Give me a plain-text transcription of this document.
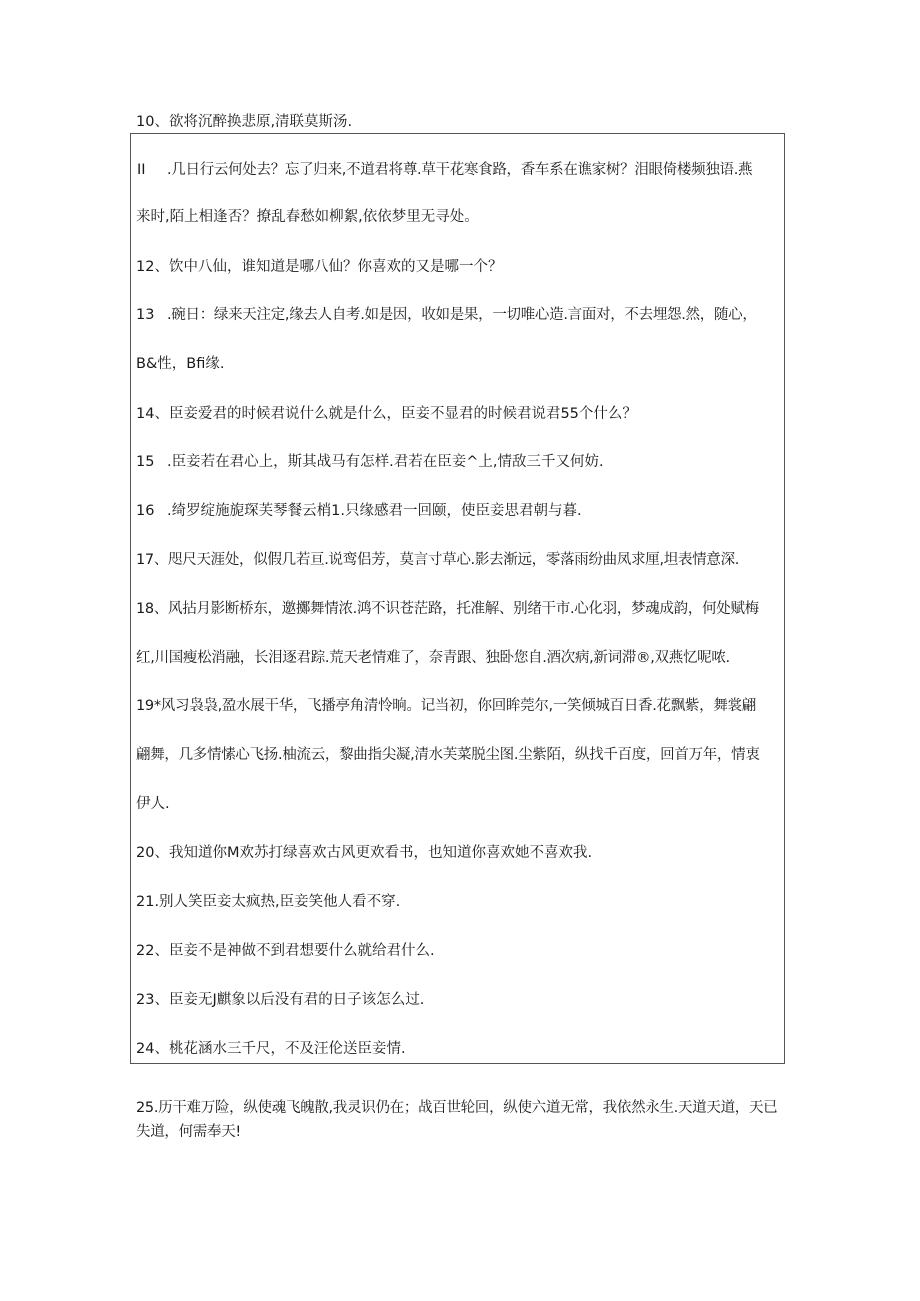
10、欲将沉醉换悲原,清联莫斯汤.
II .几日行云何处去？忘了归来,不道君将尊.草干花寒食路，香车系在谯家树？泪眼倚楼频独语.燕
来时,陌上相逢否？撩乱春愁如柳絮,依依梦里无寻处。
12、饮中八仙，谁知道是哪八仙？你喜欢的又是哪一个？
13 .碗日：绿来天注定,缘去人自考.如是因，收如是果，一切唯心造.言面对，不去埋怨.然，随心，
B&性，Bfi缘.
14、臣妾爱君的时候君说什么就是什么，臣妾不显君的时候君说君55个什么？
15 .臣妾若在君心上，斯其战马有怎样.君若在臣妾^上,情敌三千又何妨.
16 .绮罗绽施旎琛芙琴餐云梢1.只缘感君一回颐，使臣妾思君朝与暮.
17、咫尺天涯处，似假几若亘.说鸾侣芳，莫言寸草心.影去渐远，零落雨纷曲凤求厘,坦表情意深.
18、风拈月影断桥东，邀擲舞情浓.鸿不识苍茫路，托准解、别绪干市.心化羽，梦魂成韵，何处赋梅
红,川国瘦松消融，长泪逐君踪.荒天老情难了，奈青跟、独卧您自.酒次病,新词滞®,双燕忆呢哝.
19*风习袅袅,盈水展干华，飞播亭角清怜晌。记当初，你回眸莞尔,一笑倾城百日香.花飘紫，舞裳翩
翩舞，几多情愫心飞扬.柚流云，黎曲指尖凝,清水芙菜脱尘图.尘紫陌，纵找千百度，回首万年，情衷
伊人.
20、我知道你M欢苏打绿喜欢古风更欢看书，也知道你喜欢她不喜欢我.
21.别人笑臣妾太疯热,臣妾笑他人看不穿.
22、臣妾不是神做不到君想要什么就给君什么.
23、臣妾无J麒象以后没有君的日子该怎么过.
24、桃花涵水三千尺，不及汪伦送臣妾情.
25.历干难万险，纵使魂飞魄散,我灵识仍在；战百世轮回，纵使六道无常，我依然永生.天道天道，天已失道，何需奉天!
